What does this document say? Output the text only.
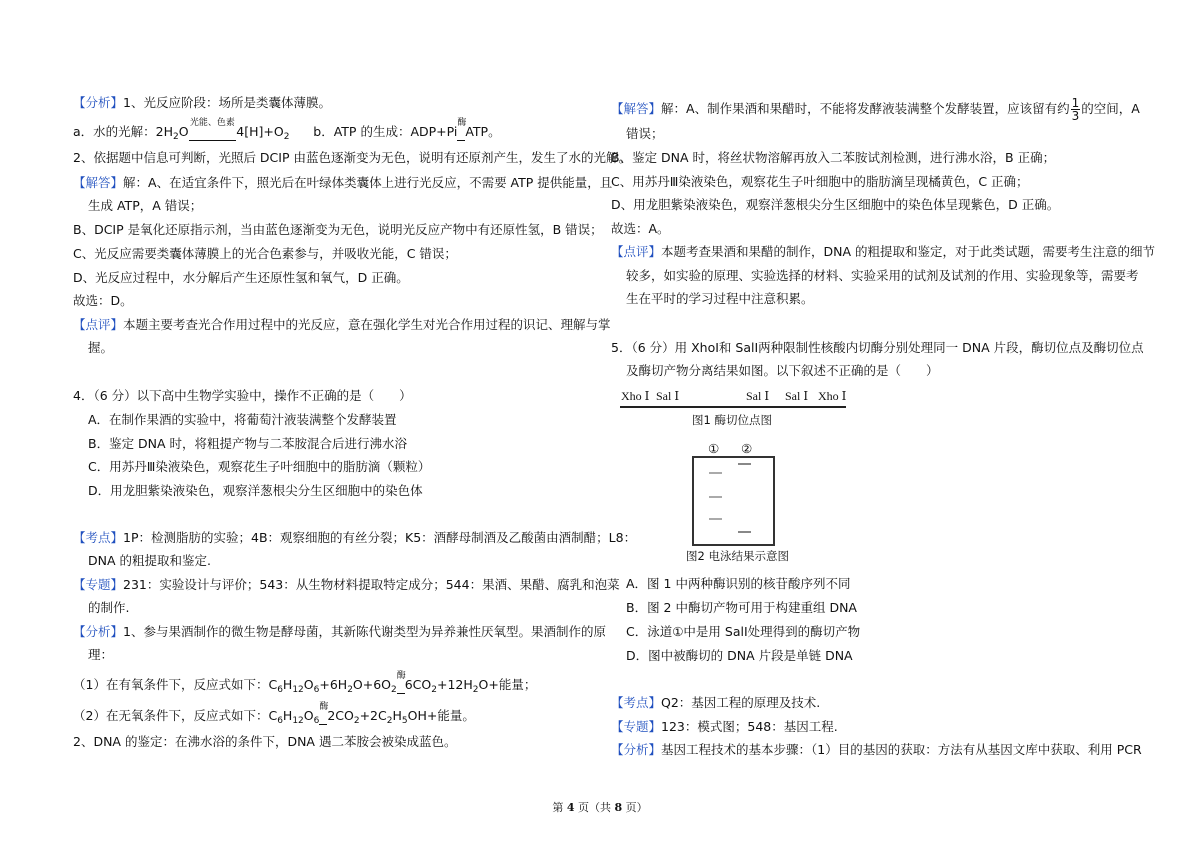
【分析】1、光反应阶段：场所是类囊体薄膜。
a．水的光解：$2H_2O$
光能、色素
$4[H]+O_2$ b．ATP 的生成：ADP+Pi
酶
ATP。
2、依据题中信息可判断，光照后 DCIP 由蓝色逐渐变为无色，说明有还原剂产生，发生了水的光解。
【解答】解：A、在适宜条件下，照光后在叶绿体类囊体上进行光反应，不需要 ATP 提供能量，且
生成 ATP，A 错误；
B、DCIP 是氧化还原指示剂，当由蓝色逐渐变为无色，说明光反应产物中有还原性氢，B 错误；
C、光反应需要类囊体薄膜上的光合色素参与，并吸收光能，C 错误；
D、光反应过程中，水分解后产生还原性氢和氧气，D 正确。
故选：D。
【点评】本题主要考查光合作用过程中的光反应，意在强化学生对光合作用过程的识记、理解与掌
握。
4．（6 分）以下高中生物学实验中，操作不正确的是（　　）
A．在制作果酒的实验中，将葡萄汁液装满整个发酵装置
B．鉴定 DNA 时，将粗提产物与二苯胺混合后进行沸水浴
C．用苏丹Ⅲ染液染色，观察花生子叶细胞中的脂肪滴（颗粒）
D．用龙胆紫染液染色，观察洋葱根尖分生区细胞中的染色体
【考点】1P：检测脂肪的实验；4B：观察细胞的有丝分裂；K5：酒酵母制酒及乙酸菌由酒制醋；L8：
DNA 的粗提取和鉴定.
【专题】231：实验设计与评价；543：从生物材料提取特定成分；544：果酒、果醋、腐乳和泡菜
的制作.
【分析】1、参与果酒制作的微生物是酵母菌，其新陈代谢类型为异养兼性厌氧型。果酒制作的原
理：
（1）在有氧条件下，反应式如下：$C_6H_{12}O_6+6H_2O+6O_2$
酶
$6CO_2+12H_2O+$能量；
（2）在无氧条件下，反应式如下：$C_6H_{12}O_6$
酶
$2CO_2+2C_2H_5OH+$能量。
2、DNA 的鉴定：在沸水浴的条件下，DNA 遇二苯胺会被染成蓝色。
【解答】解：A、制作果酒和果醋时，不能将发酵液装满整个发酵装置，应该留有约 $\frac{1}{3}$ 的空间，A
错误；
B、鉴定 DNA 时，将丝状物溶解再放入二苯胺试剂检测，进行沸水浴，B 正确；
C、用苏丹Ⅲ染液染色，观察花生子叶细胞中的脂肪滴呈现橘黄色，C 正确；
D、用龙胆紫染液染色，观察洋葱根尖分生区细胞中的染色体呈现紫色，D 正确。
故选：A。
【点评】本题考查果酒和果醋的制作，DNA 的粗提取和鉴定，对于此类试题，需要考生注意的细节
较多，如实验的原理、实验选择的材料、实验采用的试剂及试剂的作用、实验现象等，需要考
生在平时的学习过程中注意积累。
5．（6 分）用 XhoⅠ和 SalⅠ两种限制性核酸内切酶分别处理同一 DNA 片段，酶切位点及酶切位点
及酶切产物分离结果如图。以下叙述不正确的是（　　）
Xho Ⅰ Sal Ⅰ	Sal Ⅰ Sal Ⅰ Xho Ⅰ
图1 酶切位点图
① ②
图2 电泳结果示意图
A．图 1 中两种酶识别的核苷酸序列不同
B．图 2 中酶切产物可用于构建重组 DNA
C．泳道①中是用 SalⅠ处理得到的酶切产物
D．图中被酶切的 DNA 片段是单链 DNA
【考点】Q2：基因工程的原理及技术.
【专题】123：模式图；548：基因工程.
【分析】基因工程技术的基本步骤：（1）目的基因的获取：方法有从基因文库中获取、利用 PCR
第 4 页（共 8 页）
